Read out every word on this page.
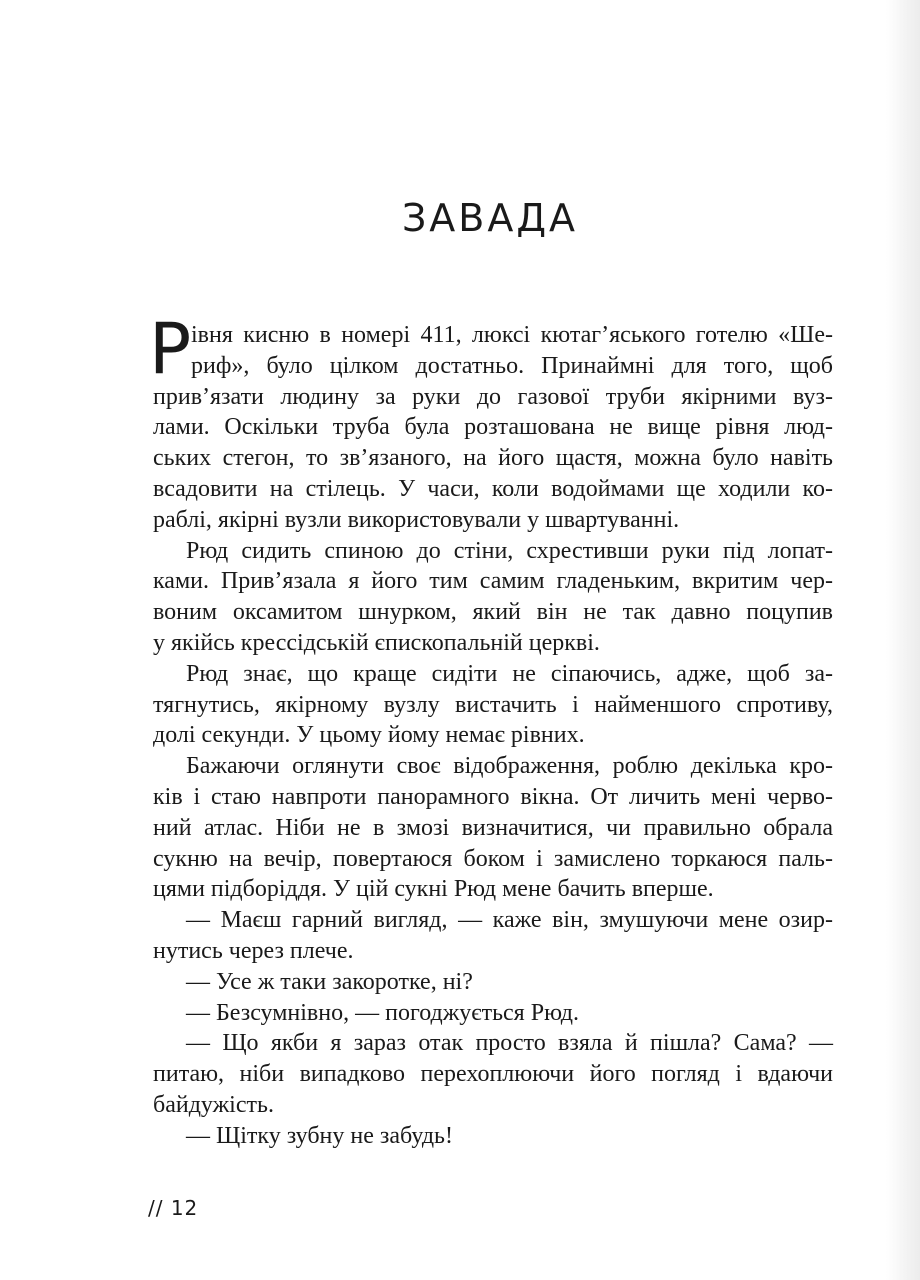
ЗАВАДА
Р івня кисню в номері 411, люксі кютаг’яського готелю «Ше-
риф», було цілком достатньо. Принаймні для того, щоб
прив’язати людину за руки до газової труби якірними вуз-
лами. Оскільки труба була розташована не вище рівня люд-
ських стегон, то зв’язаного, на його щастя, можна було навіть
всадовити на стілець. У часи, коли водоймами ще ходили ко-
раблі, якірні вузли використовували у швартуванні.
Рюд сидить спиною до стіни, схрестивши руки під лопат-
ками. Прив’язала я його тим самим гладеньким, вкритим чер-
воним оксамитом шнурком, який він не так давно поцупив
у якійсь крессідській єпископальній церкві.
Рюд знає, що краще сидіти не сіпаючись, адже, щоб за-
тягнутись, якірному вузлу вистачить і найменшого спротиву,
долі секунди. У цьому йому немає рівних.
Бажаючи оглянути своє відображення, роблю декілька кро-
ків і стаю навпроти панорамного вікна. От личить мені черво-
ний атлас. Ніби не в змозі визначитися, чи правильно обрала
сукню на вечір, повертаюся боком і замислено торкаюся паль-
цями підборіддя. У цій сукні Рюд мене бачить вперше.
— Маєш гарний вигляд, — каже він, змушуючи мене озир-
нутись через плече.
— Усе ж таки закоротке, ні?
— Безсумнівно, — погоджується Рюд.
— Що якби я зараз отак просто взяла й пішла? Сама? —
питаю, ніби випадково перехоплюючи його погляд і вдаючи
байдужість.
— Щітку зубну не забудь!
// 12
